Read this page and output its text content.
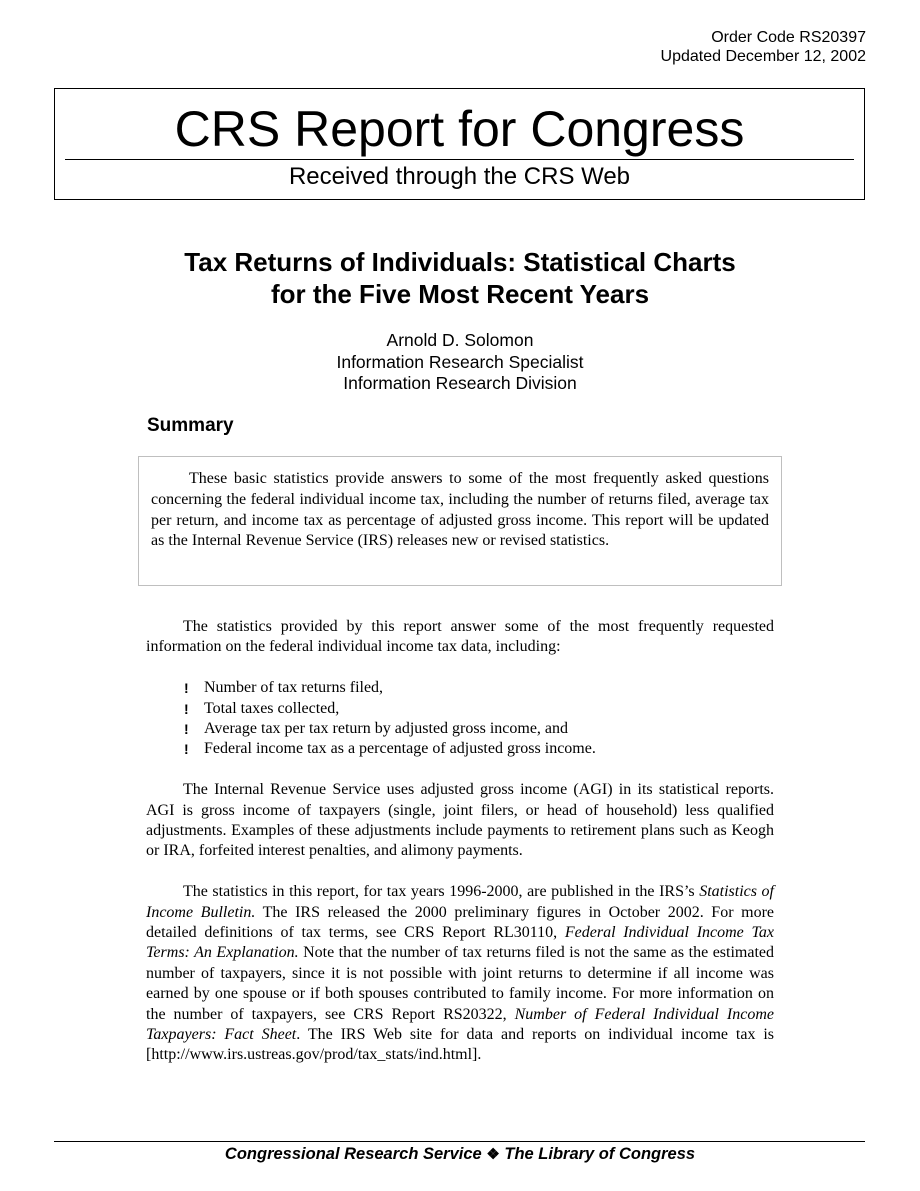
Order Code RS20397
Updated December 12, 2002
CRS Report for Congress
Received through the CRS Web
Tax Returns of Individuals: Statistical Charts
for the Five Most Recent Years
Arnold D. Solomon
Information Research Specialist
Information Research Division
Summary

These basic statistics provide answers to some of the most frequently asked questions concerning the federal individual income tax, including the number of returns filed, average tax per return, and income tax as percentage of adjusted gross income. This report will be updated as the Internal Revenue Service (IRS) releases new or revised statistics.

The statistics provided by this report answer some of the most frequently requested information on the federal individual income tax data, including:

! Number of tax returns filed,
! Total taxes collected,
! Average tax per tax return by adjusted gross income, and
! Federal income tax as a percentage of adjusted gross income.

The Internal Revenue Service uses adjusted gross income (AGI) in its statistical reports. AGI is gross income of taxpayers (single, joint filers, or head of household) less qualified adjustments. Examples of these adjustments include payments to retirement plans such as Keogh or IRA, forfeited interest penalties, and alimony payments.

The statistics in this report, for tax years 1996-2000, are published in the IRS’s Statistics of Income Bulletin. The IRS released the 2000 preliminary figures in October 2002. For more detailed definitions of tax terms, see CRS Report RL30110, Federal Individual Income Tax Terms: An Explanation. Note that the number of tax returns filed is not the same as the estimated number of taxpayers, since it is not possible with joint returns to determine if all income was earned by one spouse or if both spouses contributed to family income. For more information on the number of taxpayers, see CRS Report RS20322, Number of Federal Individual Income Taxpayers: Fact Sheet. The IRS Web site for data and reports on individual income tax is [http://www.irs.ustreas.gov/prod/tax_stats/ind.html].

Congressional Research Service ❖ The Library of Congress
